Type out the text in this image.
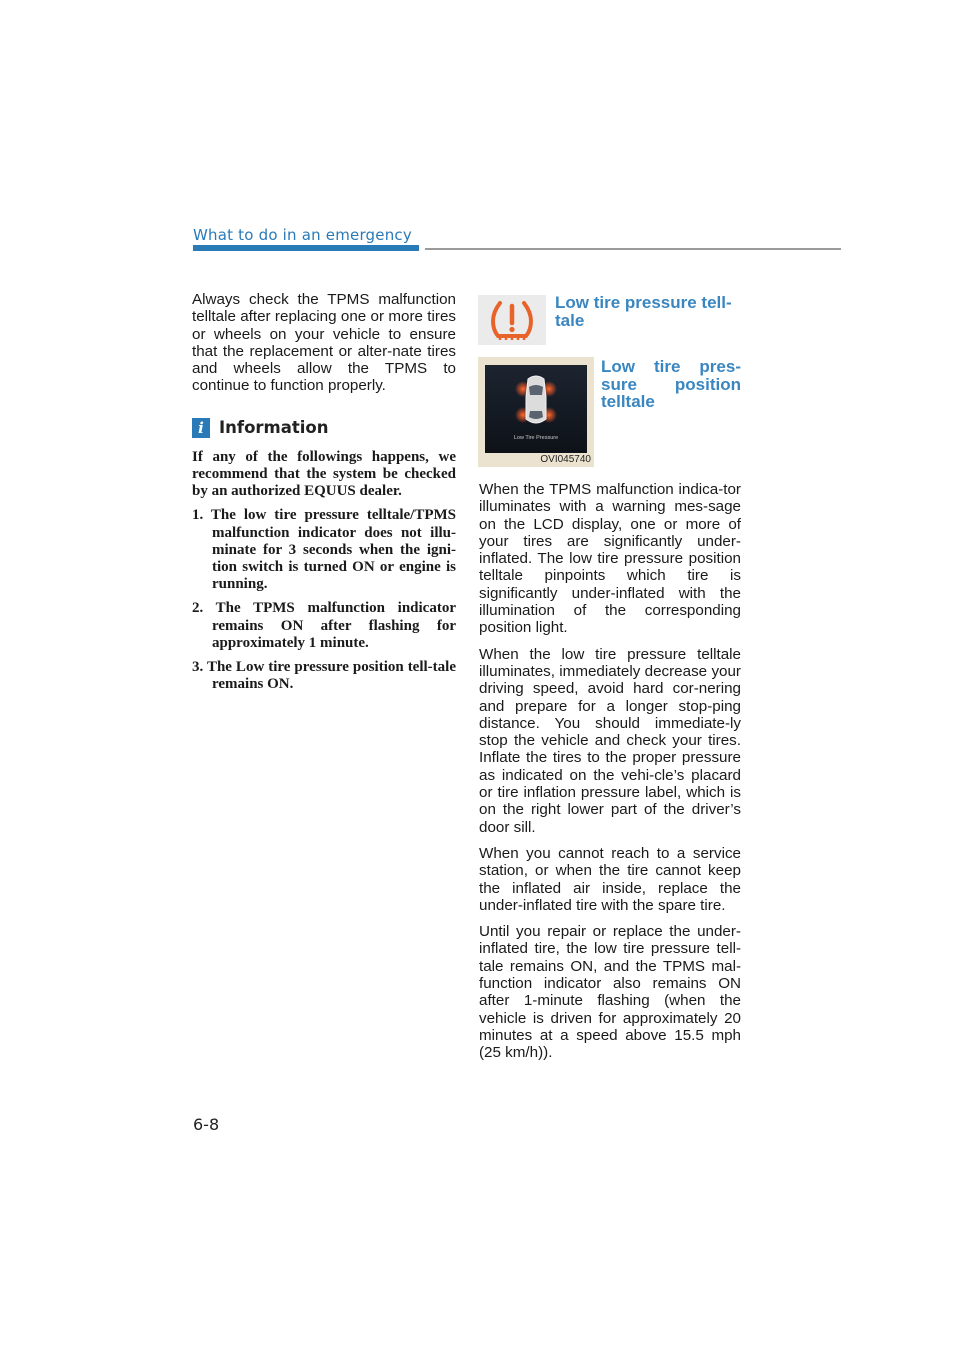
What to do in an emergency

Always check the TPMS malfunction telltale after replacing one or more tires or wheels on your vehicle to ensure that the replacement or alter-nate tires and wheels allow the TPMS to continue to function properly.

i Information

If any of the followings happens, we recommend that the system be checked by an authorized EQUUS dealer.

1. The low tire pressure telltale/TPMS malfunction indicator does not illu-minate for 3 seconds when the igni-tion switch is turned ON or engine is running.
2. The TPMS malfunction indicator remains ON after flashing for approximately 1 minute.
3. The Low tire pressure position tell-tale remains ON.
Low tire pressure tell-tale
Low tire pres-sure position telltale
Low Tire Pressure
OVI045740

When the TPMS malfunction indica-tor illuminates with a warning mes-sage on the LCD display, one or more of your tires are significantly under-inflated. The low tire pressure position telltale pinpoints which tire is significantly under-inflated with the illumination of the corresponding position light.

When the low tire pressure telltale illuminates, immediately decrease your driving speed, avoid hard cor-nering and prepare for a longer stop-ping distance. You should immediate-ly stop the vehicle and check your tires. Inflate the tires to the proper pressure as indicated on the vehi-cle’s placard or tire inflation pressure label, which is on the right lower part of the driver’s door sill.

When you cannot reach to a service station, or when the tire cannot keep the inflated air inside, replace the under-inflated tire with the spare tire.

Until you repair or replace the under-inflated tire, the low tire pressure tell-tale remains ON, and the TPMS mal-function indicator also remains ON after 1-minute flashing (when the vehicle is driven for approximately 20 minutes at a speed above 15.5 mph (25 km/h)).

6-8
